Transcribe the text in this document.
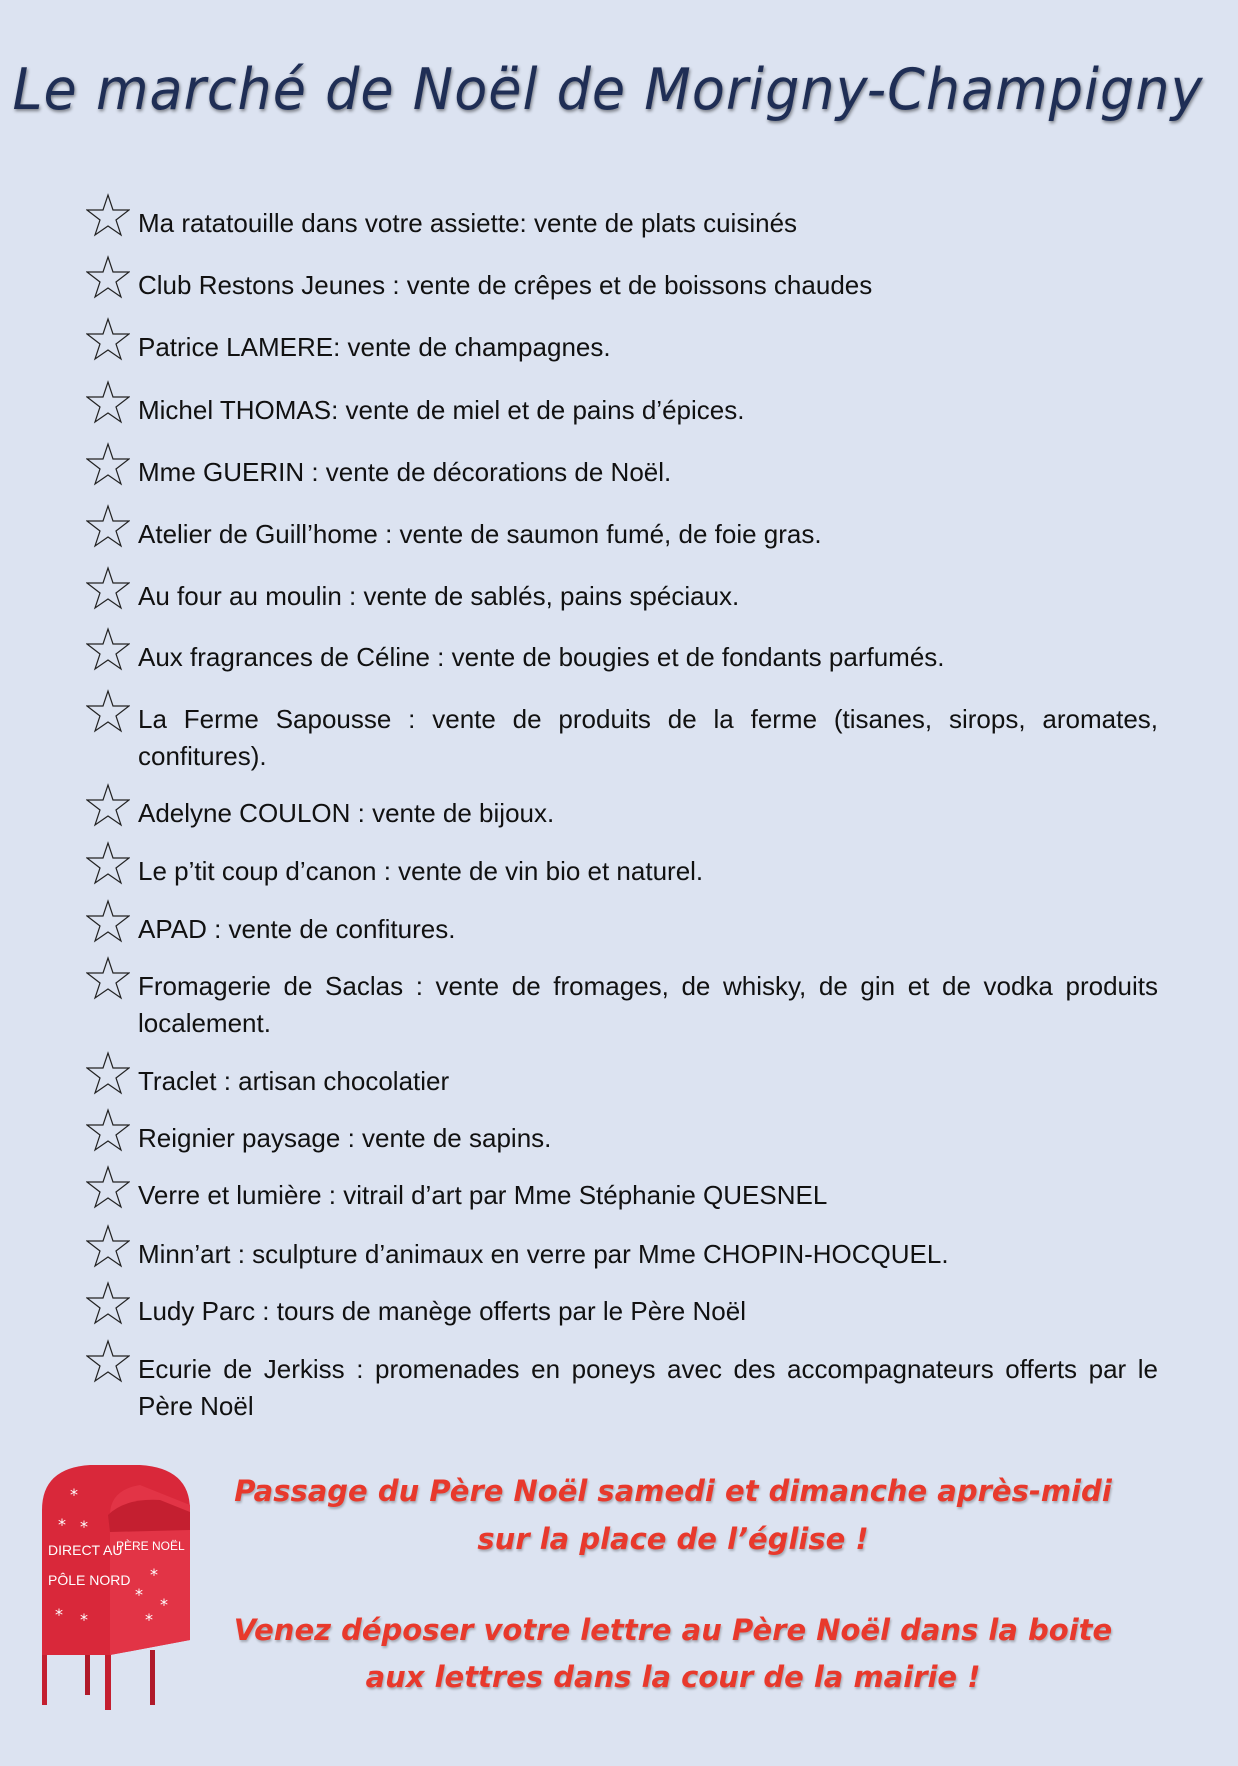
Le marché de Noël de Morigny-Champigny
Ma ratatouille dans votre assiette: vente de plats cuisinés
Club Restons Jeunes : vente de crêpes et de boissons chaudes
Patrice LAMERE: vente de champagnes.
Michel THOMAS: vente de miel et de pains d’épices.
Mme GUERIN : vente de décorations de Noël.
Atelier de Guill’home : vente de saumon fumé, de foie gras.
Au four au moulin : vente de sablés, pains spéciaux.
Aux fragrances de Céline : vente de bougies et de fondants parfumés.
La Ferme Sapousse : vente de produits de la ferme (tisanes, sirops, aromates, confitures).
Adelyne COULON : vente de bijoux.
Le p’tit coup d’canon : vente de vin bio et naturel.
APAD : vente de confitures.
Fromagerie de Saclas : vente de fromages, de whisky, de gin et de vodka produits localement.
Traclet : artisan chocolatier
Reignier paysage : vente de sapins.
Verre et lumière : vitrail d’art par Mme Stéphanie QUESNEL
Minn’art : sculpture d’animaux en verre par Mme CHOPIN-HOCQUEL.
Ludy Parc : tours de manège offerts par le Père Noël
Ecurie de Jerkiss : promenades en poneys avec des accompagnateurs offerts par le Père Noël
DIRECT AU
PÔLE NORD
PÈRE NOËL
*
* *
* *
*
*
*
*
Passage du Père Noël samedi et dimanche après-midi
sur la place de l’église !
Venez déposer votre lettre au Père Noël dans la boite
aux lettres dans la cour de la mairie !
